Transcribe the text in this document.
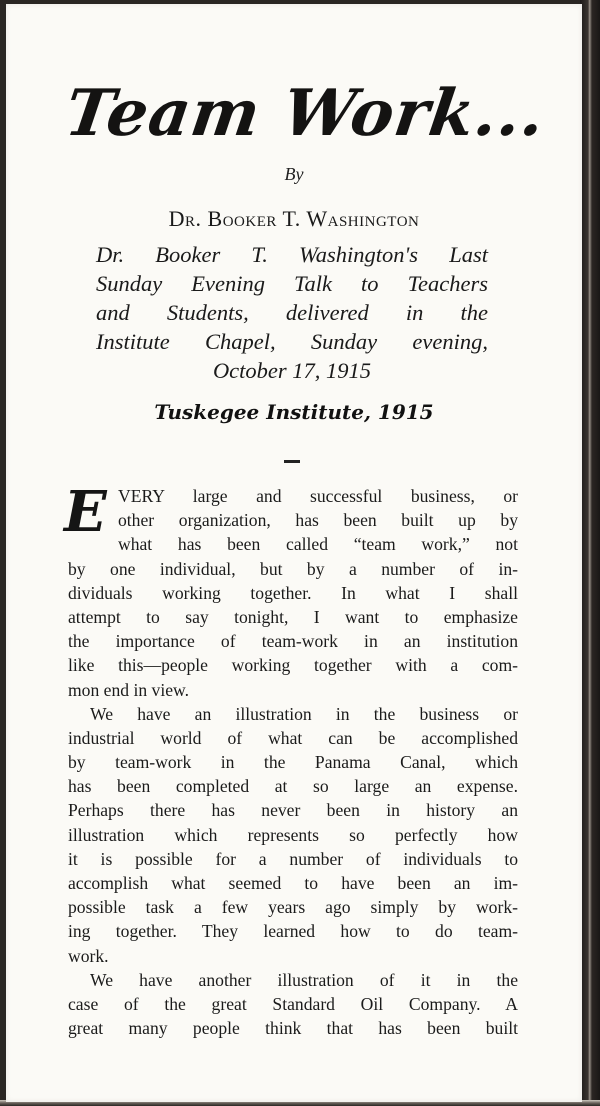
Team Work...
By
Dr. Booker T. Washington
Dr. Booker T. Washington's Last
Sunday Evening Talk to Teachers
and Students, delivered in the
Institute Chapel, Sunday evening,
October 17, 1915
Tuskegee Institute, 1915
E VERY large and successful business, or
other organization, has been built up by
what has been called “team work,” not
by one individual, but by a number of in-
dividuals working together. In what I shall
attempt to say tonight, I want to emphasize
the importance of team-work in an institution
like this—people working together with a com-
mon end in view.
We have an illustration in the business or
industrial world of what can be accomplished
by team-work in the Panama Canal, which
has been completed at so large an expense.
Perhaps there has never been in history an
illustration which represents so perfectly how
it is possible for a number of individuals to
accomplish what seemed to have been an im-
possible task a few years ago simply by work-
ing together. They learned how to do team-
work.
We have another illustration of it in the
case of the great Standard Oil Company. A
great many people think that has been built
